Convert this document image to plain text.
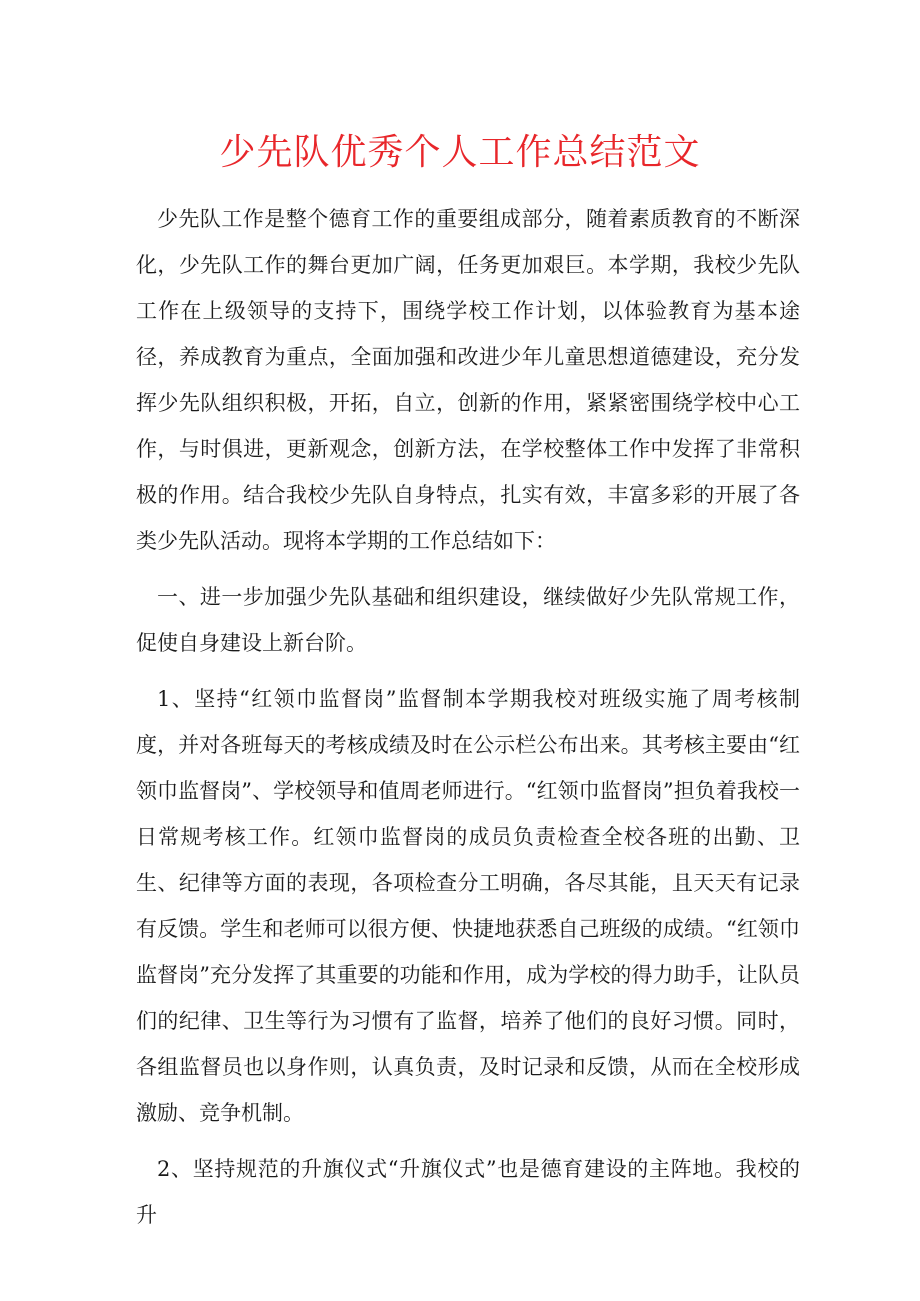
少先队优秀个人工作总结范文

少先队工作是整个德育工作的重要组成部分，随着素质教育的不断深化，少先队工作的舞台更加广阔，任务更加艰巨。本学期，我校少先队工作在上级领导的支持下，围绕学校工作计划，以体验教育为基本途径，养成教育为重点，全面加强和改进少年儿童思想道德建设，充分发挥少先队组织积极，开拓，自立，创新的作用，紧紧密围绕学校中心工作，与时俱进，更新观念，创新方法，在学校整体工作中发挥了非常积极的作用。结合我校少先队自身特点，扎实有效，丰富多彩的开展了各类少先队活动。现将本学期的工作总结如下：

一、进一步加强少先队基础和组织建设，继续做好少先队常规工作，促使自身建设上新台阶。

1、坚持“红领巾监督岗”监督制本学期我校对班级实施了周考核制度，并对各班每天的考核成绩及时在公示栏公布出来。其考核主要由“红领巾监督岗”、学校领导和值周老师进行。“红领巾监督岗”担负着我校一日常规考核工作。红领巾监督岗的成员负责检查全校各班的出勤、卫生、纪律等方面的表现，各项检查分工明确，各尽其能，且天天有记录有反馈。学生和老师可以很方便、快捷地获悉自己班级的成绩。“红领巾监督岗”充分发挥了其重要的功能和作用，成为学校的得力助手，让队员们的纪律、卫生等行为习惯有了监督，培养了他们的良好习惯。同时，各组监督员也以身作则，认真负责，及时记录和反馈，从而在全校形成激励、竞争机制。

2、坚持规范的升旗仪式“升旗仪式”也是德育建设的主阵地。我校的升
